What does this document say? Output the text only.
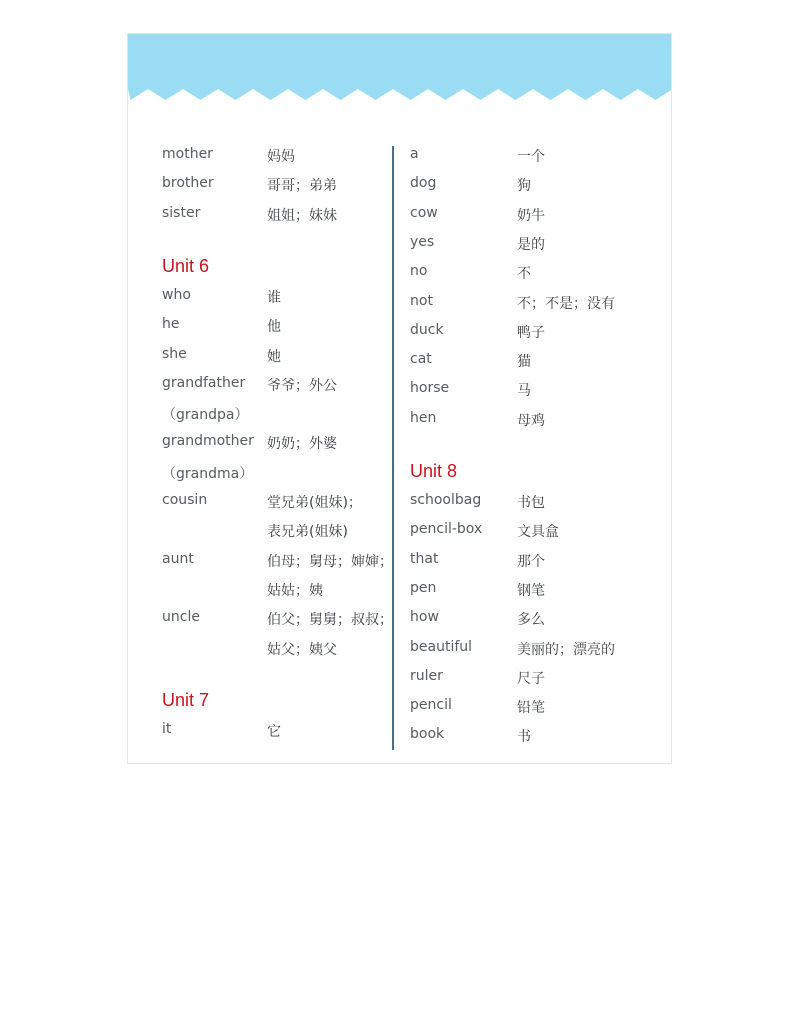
mother	妈妈
brother	哥哥；弟弟
sister	姐姐；妹妹
Unit 6
who	谁
he	他
she	她
grandfather 爷爷；外公
（grandpa）
grandmother 奶奶；外婆
（grandma）
cousin	堂兄弟(姐妹)；
表兄弟(姐妹)
aunt	伯母；舅母；婶婶；
姑姑；姨
uncle	伯父；舅舅；叔叔；
姑父；姨父
Unit 7
it	它
a	一个
dog	狗
cow	奶牛
yes	是的
no	不
not	不；不是；没有
duck	鸭子
cat	猫
horse	马
hen	母鸡
Unit 8
schoolbag	书包
pencil-box 文具盒
that	那个
pen	钢笔
how	多么
beautiful	美丽的；漂亮的
ruler	尺子
pencil	铅笔
book	书
